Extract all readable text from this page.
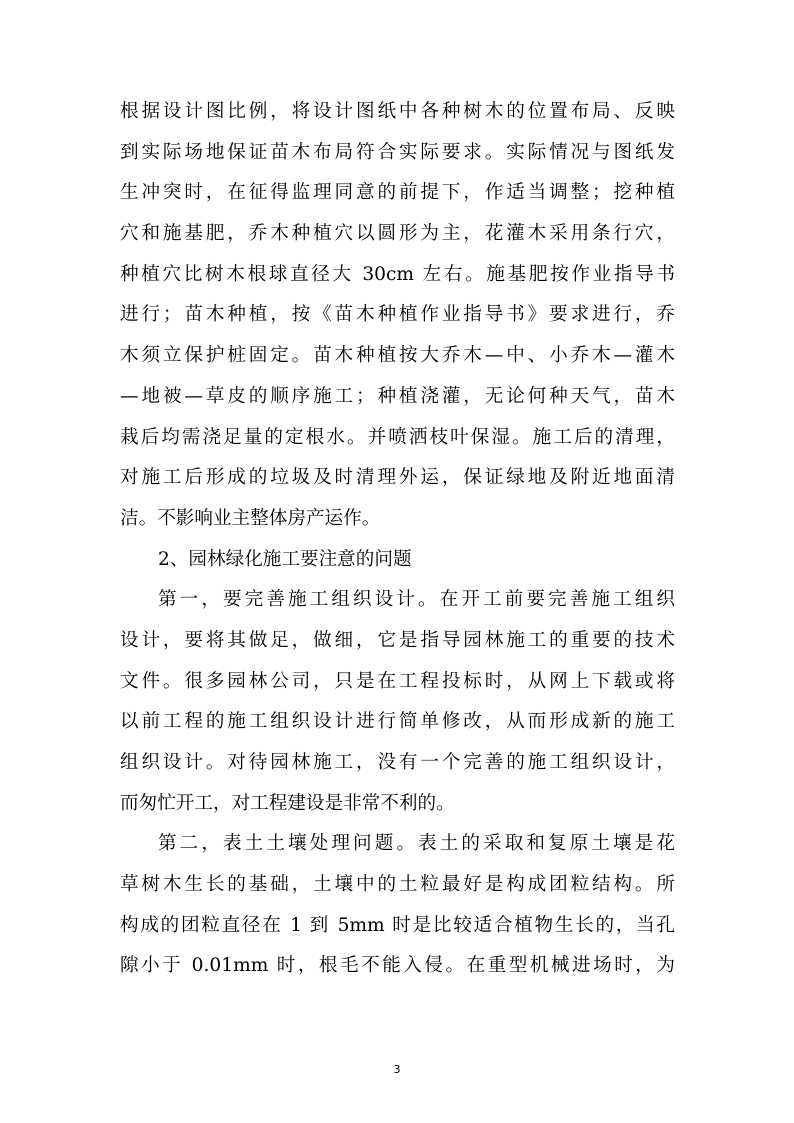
根据设计图比例，将设计图纸中各种树木的位置布局、反映
到实际场地保证苗木布局符合实际要求。实际情况与图纸发
生冲突时，在征得监理同意的前提下，作适当调整；挖种植
穴和施基肥，乔木种植穴以圆形为主，花灌木采用条行穴，
种植穴比树木根球直径大 30cm 左右。施基肥按作业指导书
进行；苗木种植，按《苗木种植作业指导书》要求进行，乔
木须立保护桩固定。苗木种植按大乔木—中、小乔木—灌木
—地被—草皮的顺序施工；种植浇灌，无论何种天气，苗木
栽后均需浇足量的定根水。并喷洒枝叶保湿。施工后的清理，
对施工后形成的垃圾及时清理外运，保证绿地及附近地面清
洁。不影响业主整体房产运作。
2、园林绿化施工要注意的问题
第一，要完善施工组织设计。在开工前要完善施工组织
设计，要将其做足，做细，它是指导园林施工的重要的技术
文件。很多园林公司，只是在工程投标时，从网上下载或将
以前工程的施工组织设计进行简单修改，从而形成新的施工
组织设计。对待园林施工，没有一个完善的施工组织设计，
而匆忙开工，对工程建设是非常不利的。
第二，表土土壤处理问题。表土的采取和复原土壤是花
草树木生长的基础，土壤中的土粒最好是构成团粒结构。所
构成的团粒直径在 1 到 5mm 时是比较适合植物生长的，当孔
隙小于 0.01mm 时，根毛不能入侵。在重型机械进场时，为
3
